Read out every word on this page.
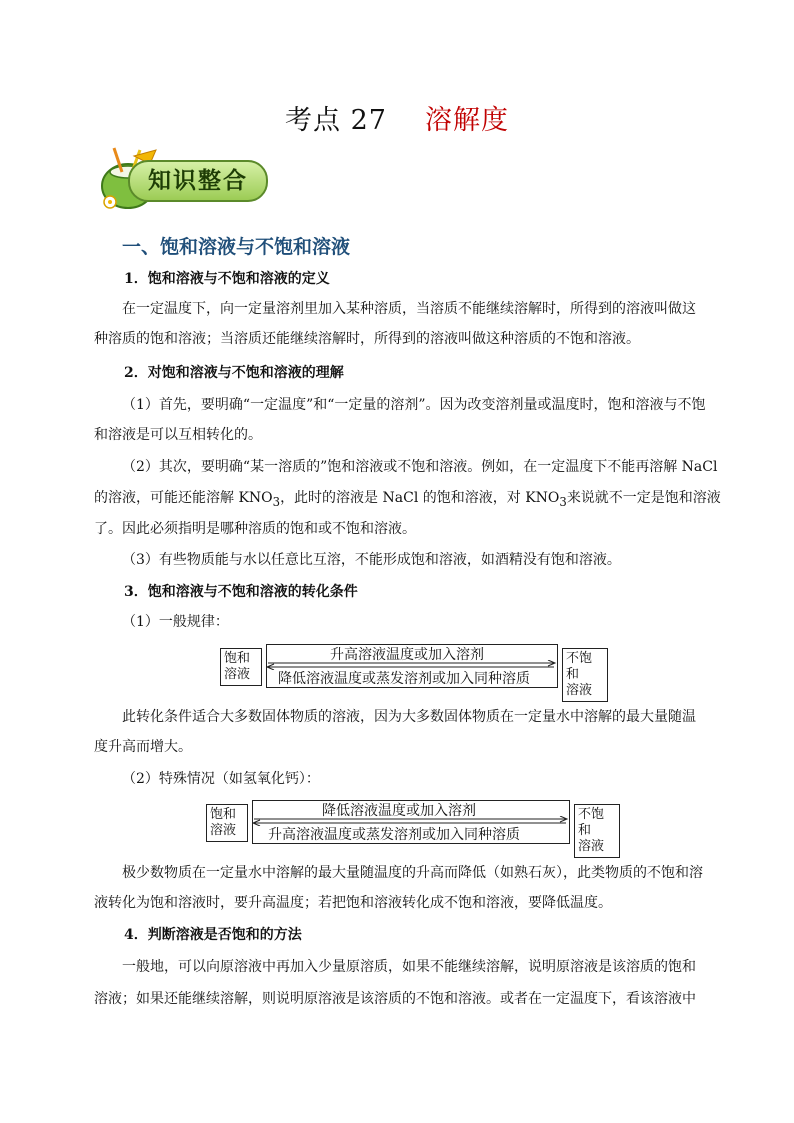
考点 27 溶解度
知识整合
一、饱和溶液与不饱和溶液
1．饱和溶液与不饱和溶液的定义
在一定温度下，向一定量溶剂里加入某种溶质，当溶质不能继续溶解时，所得到的溶液叫做这
种溶质的饱和溶液；当溶质还能继续溶解时，所得到的溶液叫做这种溶质的不饱和溶液。
2．对饱和溶液与不饱和溶液的理解
（1）首先，要明确“一定温度”和“一定量的溶剂”。因为改变溶剂量或温度时，饱和溶液与不饱
和溶液是可以互相转化的。
（2）其次，要明确“某一溶质的”饱和溶液或不饱和溶液。例如，在一定温度下不能再溶解 NaCl
的溶液，可能还能溶解 $KNO_3$，此时的溶液是 NaCl 的饱和溶液，对 $KNO_3$来说就不一定是饱和溶液
了。因此必须指明是哪种溶质的饱和或不饱和溶液。
（3）有些物质能与水以任意比互溶，不能形成饱和溶液，如酒精没有饱和溶液。
3．饱和溶液与不饱和溶液的转化条件
（1）一般规律：
饱和
溶液
升高溶液温度或加入溶剂
降低溶液温度或蒸发溶剂或加入同种溶质
不饱和
溶液
此转化条件适合大多数固体物质的溶液，因为大多数固体物质在一定量水中溶解的最大量随温
度升高而增大。
（2）特殊情况（如氢氧化钙）：
饱和
溶液
降低溶液温度或加入溶剂
升高溶液温度或蒸发溶剂或加入同种溶质
不饱和
溶液
极少数物质在一定量水中溶解的最大量随温度的升高而降低（如熟石灰），此类物质的不饱和溶
液转化为饱和溶液时，要升高温度；若把饱和溶液转化成不饱和溶液，要降低温度。
4．判断溶液是否饱和的方法
一般地，可以向原溶液中再加入少量原溶质，如果不能继续溶解，说明原溶液是该溶质的饱和
溶液；如果还能继续溶解，则说明原溶液是该溶质的不饱和溶液。或者在一定温度下，看该溶液中
